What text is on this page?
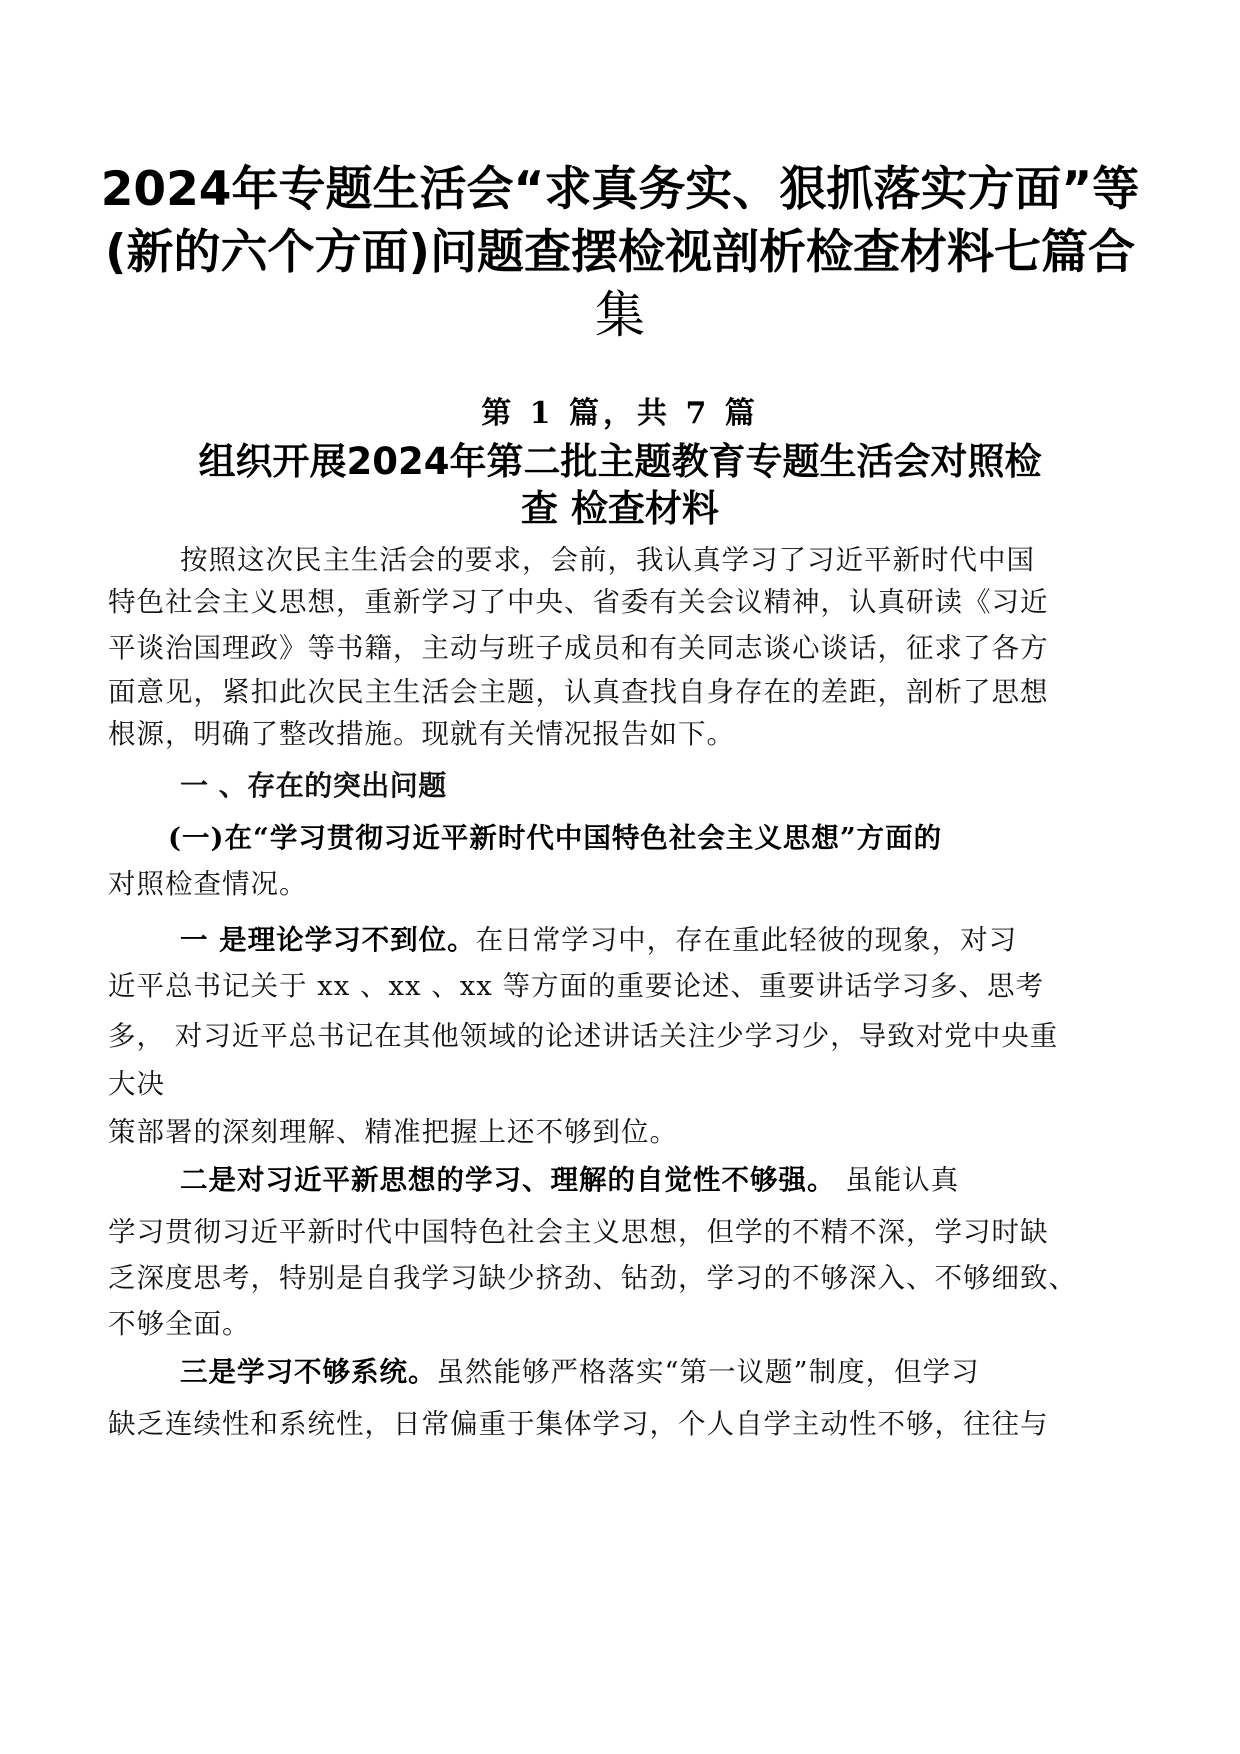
2024年专题生活会“求真务实、狠抓落实方面”等
(新的六个方面)问题查摆检视剖析检查材料七篇合
集
第 1 篇，共 7 篇
组织开展2024年第二批主题教育专题生活会对照检
查 检查材料
按照这次民主生活会的要求，会前，我认真学习了习近平新时代中国
特色社会主义思想，重新学习了中央、省委有关会议精神，认真研读《习近
平谈治国理政》等书籍，主动与班子成员和有关同志谈心谈话，征求了各方
面意见，紧扣此次民主生活会主题，认真查找自身存在的差距，剖析了思想
根源，明确了整改措施。现就有关情况报告如下。
一 、存在的突出问题
(一)在“学习贯彻习近平新时代中国特色社会主义思想”方面的
对照检查情况。
一 是理论学习不到位。在日常学习中，存在重此轻彼的现象，对习
近平总书记关于 xx 、xx 、xx 等方面的重要论述、重要讲话学习多、思考
多， 对习近平总书记在其他领域的论述讲话关注少学习少，导致对党中央重
大决
策部署的深刻理解、精准把握上还不够到位。
二是对习近平新思想的学习、理解的自觉性不够强。 虽能认真
学习贯彻习近平新时代中国特色社会主义思想，但学的不精不深，学习时缺
乏深度思考，特别是自我学习缺少挤劲、钻劲，学习的不够深入、不够细致、
不够全面。
三是学习不够系统。虽然能够严格落实“第一议题”制度，但学习
缺乏连续性和系统性，日常偏重于集体学习，个人自学主动性不够，往往与
